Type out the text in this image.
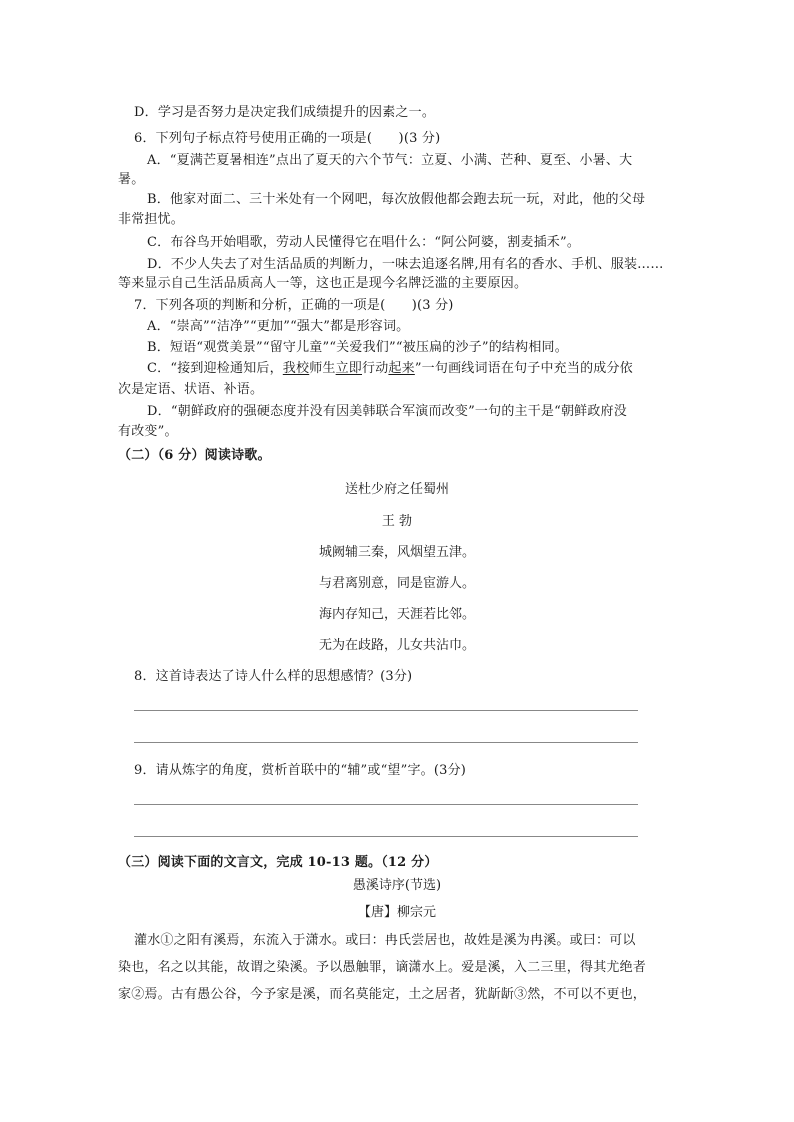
D．学习是否努力是决定我们成绩提升的因素之一。
6．下列句子标点符号使用正确的一项是(　　)(3 分)
A．“夏满芒夏暑相连”点出了夏天的六个节气：立夏、小满、芒种、夏至、小暑、大
暑。
B．他家对面二、三十米处有一个网吧，每次放假他都会跑去玩一玩，对此，他的父母
非常担忧。
C．布谷鸟开始唱歌，劳动人民懂得它在唱什么：“阿公阿婆，割麦插禾”。
D．不少人失去了对生活品质的判断力，一味去追逐名牌,用有名的香水、手机、服装……
等来显示自己生活品质高人一等，这也正是现今名牌泛滥的主要原因。
7．下列各项的判断和分析，正确的一项是(　　)(3 分)
A．“崇高”“洁净”“更加”“强大”都是形容词。
B．短语“观赏美景”“留守儿童”“关爱我们”“被压扁的沙子”的结构相同。
C．“接到迎检通知后，我校师生立即行动起来”一句画线词语在句子中充当的成分依
次是定语、状语、补语。
D．“朝鲜政府的强硬态度并没有因美韩联合军演而改变”一句的主干是“朝鲜政府没
有改变”。
（二）（6 分）阅读诗歌。
送杜少府之任蜀州
王 勃
城阙辅三秦，风烟望五津。
与君离别意，同是宦游人。
海内存知己，天涯若比邻。
无为在歧路，儿女共沾巾。
8．这首诗表达了诗人什么样的思想感情？(3分)
9．请从炼字的角度，赏析首联中的“辅”或“望”字。(3分)
（三）阅读下面的文言文，完成 10-13 题。（12 分）
愚溪诗序(节选)
【唐】柳宗元
灌水①之阳有溪焉，东流入于潇水。或曰：冉氏尝居也，故姓是溪为冉溪。或曰：可以
染也，名之以其能，故谓之染溪。予以愚触罪，谪潇水上。爱是溪，入二三里，得其尤绝者
家②焉。古有愚公谷，今予家是溪，而名莫能定，土之居者，犹龂龂③然，不可以不更也，
